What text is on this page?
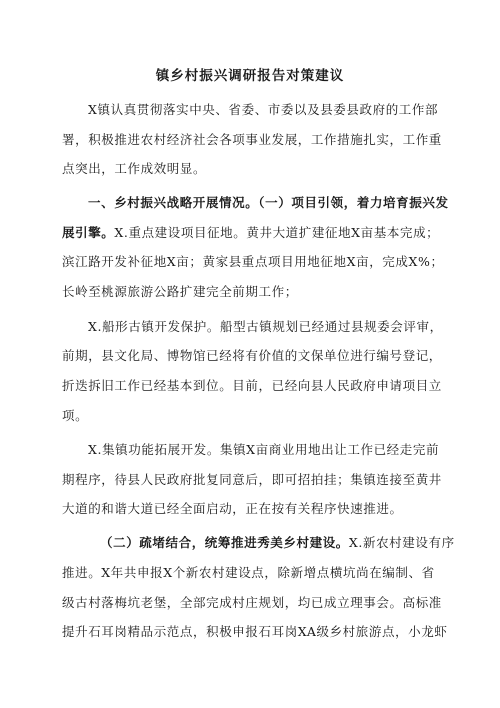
镇乡村振兴调研报告对策建议
X镇认真贯彻落实中央、省委、市委以及县委县政府的工作部
署，积极推进农村经济社会各项事业发展，工作措施扎实，工作重
点突出，工作成效明显。
一、乡村振兴战略开展情况。（一）项目引领，着力培育振兴发
展引擎。X.重点建设项目征地。黄井大道扩建征地X亩基本完成；
滨江路开发补征地X亩；黄家县重点项目用地征地X亩，完成X%；
长岭至桃源旅游公路扩建完全前期工作；
X.船形古镇开发保护。船型古镇规划已经通过县规委会评审，
前期，县文化局、博物馆已经将有价值的文保单位进行编号登记，
折迭拆旧工作已经基本到位。目前，已经向县人民政府申请项目立
项。
X.集镇功能拓展开发。集镇X亩商业用地出让工作已经走完前
期程序，待县人民政府批复同意后，即可招拍挂；集镇连接至黄井
大道的和谐大道已经全面启动，正在按有关程序快速推进。
（二）疏堵结合，统筹推进秀美乡村建设。X.新农村建设有序
推进。X年共申报X个新农村建设点，除新增点横坑尚在编制、省
级古村落梅坑老堡，全部完成村庄规划，均已成立理事会。高标准
提升石耳岗精品示范点，积极申报石耳岗XA级乡村旅游点，小龙虾
